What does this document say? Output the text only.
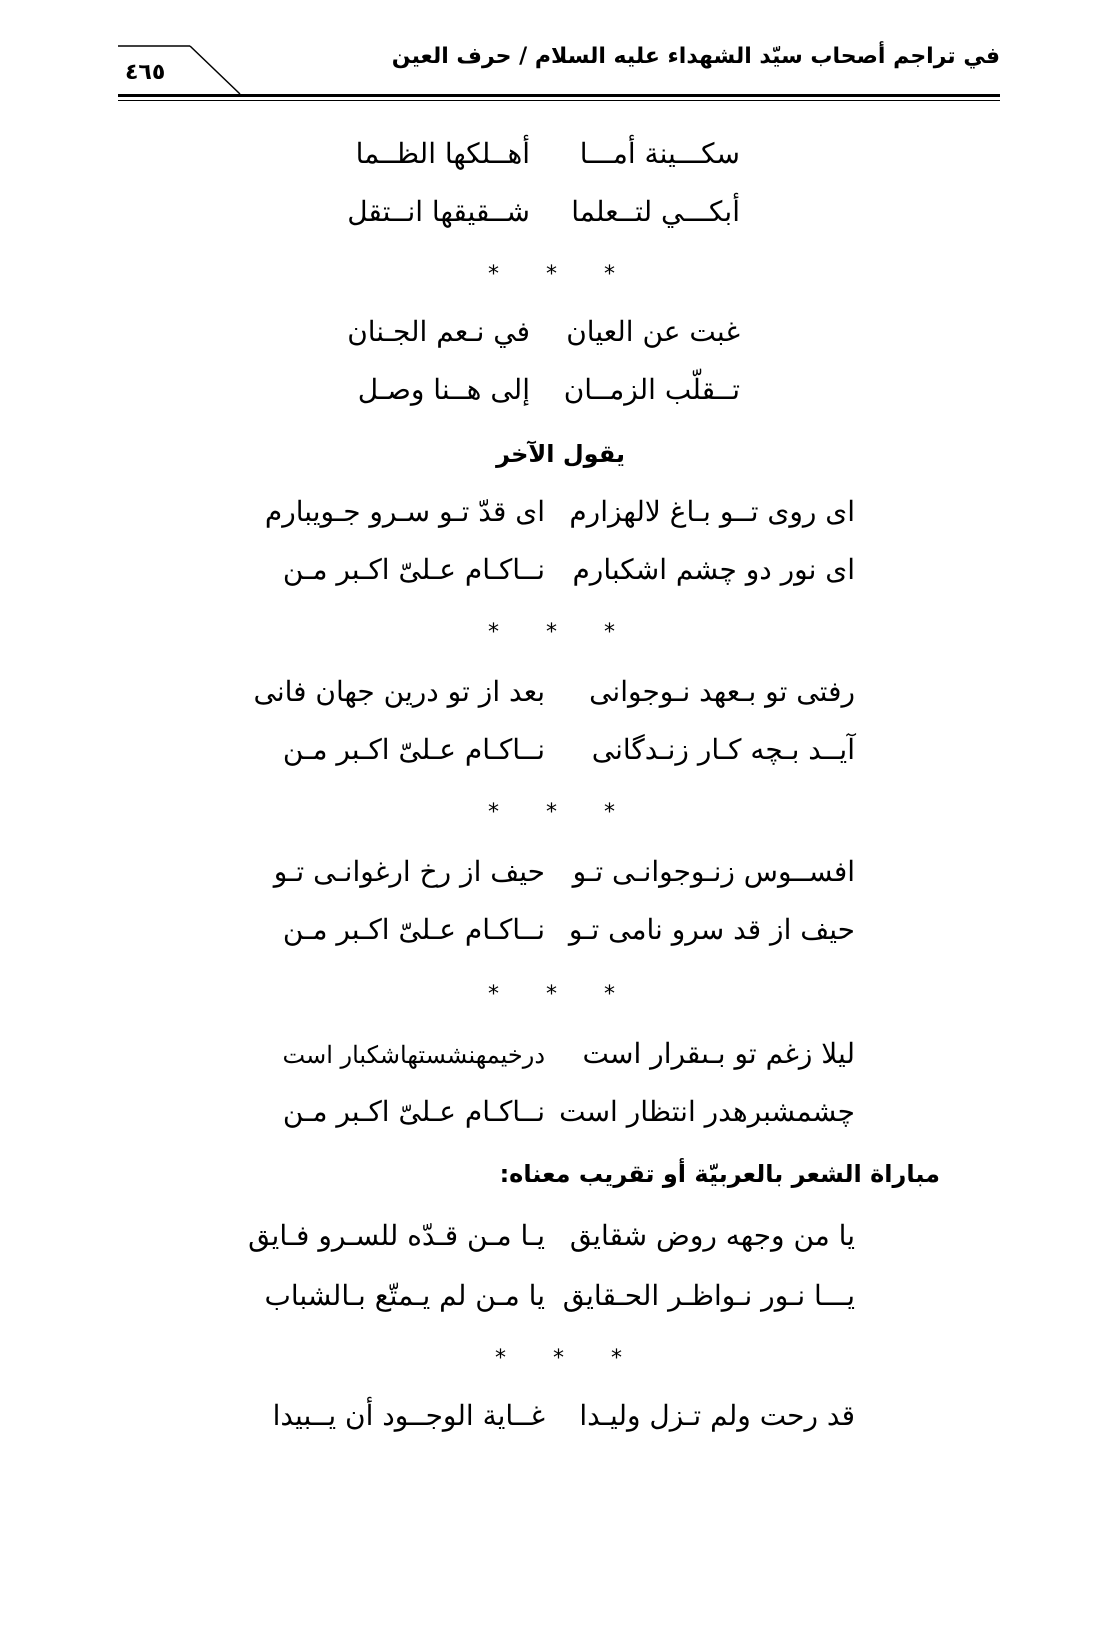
في تراجم أصحاب سيّد الشهداء عليه السلام / حرف العين
٤٦٥
سكـــينة أمـــا
أهــلكها الظــما
أبكـــي لتــعلما
شــقيقها انــتقل
* * *
غبت عن العيان
في نـعم الجـنان
تــقلّب الزمــان
إلى هــنا وصـل
يقول الآخر
اى روى تــو بـاغ لالهزارم
اى قدّ تـو سـرو جـويبارم
اى نور دو چشم اشكبارم
نــاكـام عـلىّ اكـبر مـن
* * *
رفتى تو بـعهد نـوجوانى
بعد از تو درين جهان فانى
آيــد بـچه كـار زنـدگانى
نــاكـام عـلىّ اكـبر مـن
* * *
افســوس زنـوجوانـى تـو
حيف از رخ ارغوانـى تـو
حيف از قد سرو نامى تـو
نــاكـام عـلىّ اكـبر مـن
* * *
ليلا زغم تو بـىقرار است
درخيمهنشستهاشكبار است
چشمشبرهدر انتظار است
نــاكـام عـلىّ اكـبر مـن
مباراة الشعر بالعربيّة أو تقريب معناه:
يا من وجهه روض شقايق
يـا مـن قـدّه للسـرو فـايق
يـــا نـور نـواظـر الحـقايق
يا مـن لم يـمتّع بـالشباب
* * *
قد رحت ولم تـزل وليـدا
غــاية الوجــود أن يــبيدا
